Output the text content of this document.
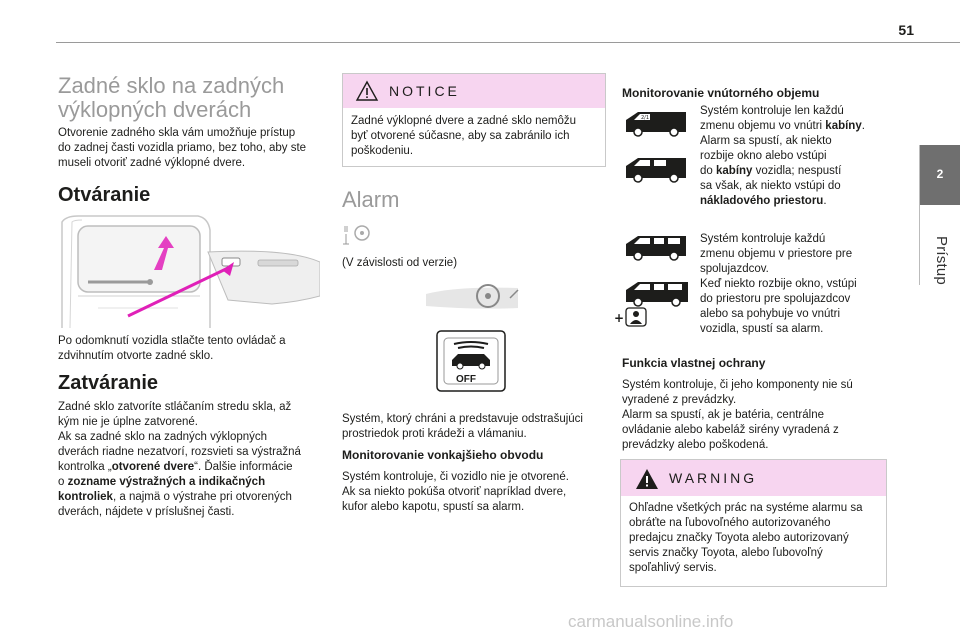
51
2
Prístup
Zadné sklo na zadných
výklopných dverách
Otvorenie zadného skla vám umožňuje prístup
do zadnej časti vozidla priamo, bez toho, aby ste
museli otvoriť zadné výklopné dvere.
Otváranie
Po odomknutí vozidla stlačte tento ovládač a
zdvihnutím otvorte zadné sklo.
Zatváranie
Zadné sklo zatvoríte stláčaním stredu skla, až
kým nie je úplne zatvorené.
Ak sa zadné sklo na zadných výklopných
dverách riadne nezatvorí, rozsvieti sa výstražná
kontrolka „otvorené dvere“. Ďalšie informácie
o zozname výstražných a indikačných
kontroliek, a najmä o výstrahe pri otvorených
dverách, nájdete v príslušnej časti.
NOTICE
Zadné výklopné dvere a zadné sklo nemôžu
byť otvorené súčasne, aby sa zabránilo ich
poškodeniu.
Alarm
(V závislosti od verzie)
OFF
Systém, ktorý chráni a predstavuje odstrašujúci
prostriedok proti krádeži a vlámaniu.
Monitorovanie vonkajšieho obvodu
Systém kontroluje, či vozidlo nie je otvorené.
Ak sa niekto pokúša otvoriť napríklad dvere,
kufor alebo kapotu, spustí sa alarm.
Monitorovanie vnútorného objemu
2/1
Systém kontroluje len každú
zmenu objemu vo vnútri kabíny.
Alarm sa spustí, ak niekto
rozbije okno alebo vstúpi
do kabíny vozidla; nespustí
sa však, ak niekto vstúpi do
nákladového priestoru.
+
Systém kontroluje každú
zmenu objemu v priestore pre
spolujazdcov.
Keď niekto rozbije okno, vstúpi
do priestoru pre spolujazdcov
alebo sa pohybuje vo vnútri
vozidla, spustí sa alarm.
Funkcia vlastnej ochrany
Systém kontroluje, či jeho komponenty nie sú
vyradené z prevádzky.
Alarm sa spustí, ak je batéria, centrálne
ovládanie alebo kabeláž sirény vyradená z
prevádzky alebo poškodená.
WARNING
Ohľadne všetkých prác na systéme alarmu sa
obráťte na ľubovoľného autorizovaného
predajcu značky Toyota alebo autorizovaný
servis značky Toyota, alebo ľubovoľný
spoľahlivý servis.
carmanualsonline.info
